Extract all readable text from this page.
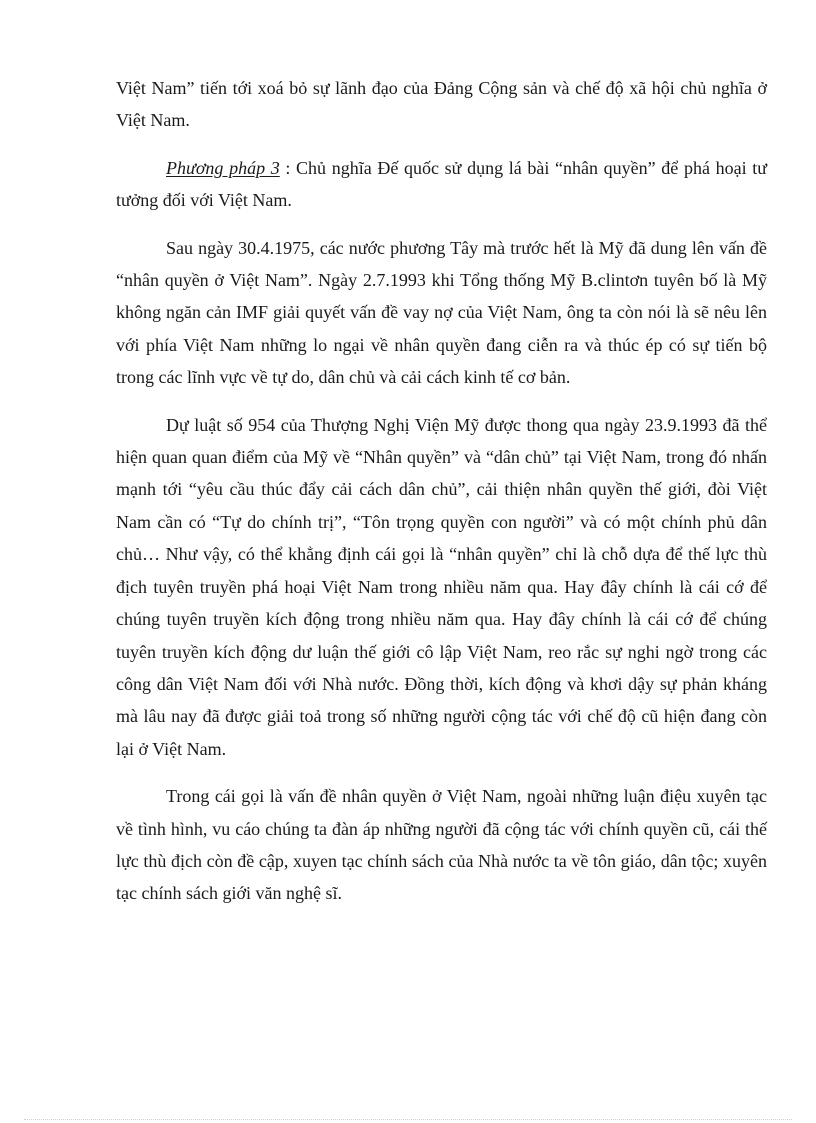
Việt Nam” tiến tới xoá bỏ sự lãnh đạo của Đảng Cộng sản và chế độ xã hội chủ nghĩa ở Việt Nam.

Phương pháp 3 : Chủ nghĩa Đế quốc sử dụng lá bài “nhân quyền” để phá hoại tư tưởng đối với Việt Nam.

Sau ngày 30.4.1975, các nước phương Tây mà trước hết là Mỹ đã dung lên vấn đề “nhân quyền ở Việt Nam”. Ngày 2.7.1993 khi Tổng thống Mỹ B.clintơn tuyên bố là Mỹ không ngăn cản IMF giải quyết vấn đề vay nợ của Việt Nam, ông ta còn nói là sẽ nêu lên với phía Việt Nam những lo ngại về nhân quyền đang ciễn ra và thúc ép có sự tiến bộ trong các lĩnh vực về tự do, dân chủ và cải cách kinh tế cơ bản.

Dự luật số 954 của Thượng Nghị Viện Mỹ được thong qua ngày 23.9.1993 đã thể hiện quan quan điểm của Mỹ về “Nhân quyền” và “dân chủ” tại Việt Nam, trong đó nhấn mạnh tới “yêu cầu thúc đẩy cải cách dân chủ”, cải thiện nhân quyền thế giới, đòi Việt Nam cần có “Tự do chính trị”, “Tôn trọng quyền con người” và có một chính phủ dân chủ… Như vậy, có thể khẳng định cái gọi là “nhân quyền” chỉ là chỗ dựa để thế lực thù địch tuyên truyền phá hoại Việt Nam trong nhiều năm qua. Hay đây chính là cái cớ để chúng tuyên truyền kích động trong nhiều năm qua. Hay đây chính là cái cớ để chúng tuyên truyền kích động dư luận thế giới cô lập Việt Nam, reo rắc sự nghi ngờ trong các công dân Việt Nam đối với Nhà nước. Đồng thời, kích động và khơi dậy sự phản kháng mà lâu nay đã được giải toả trong số những người cộng tác với chế độ cũ hiện đang còn lại ở Việt Nam.

Trong cái gọi là vấn đề nhân quyền ở Việt Nam, ngoài những luận điệu xuyên tạc về tình hình, vu cáo chúng ta đàn áp những người đã cộng tác với chính quyền cũ, cái thế lực thù địch còn đề cập, xuyen tạc chính sách của Nhà nước ta về tôn giáo, dân tộc; xuyên tạc chính sách giới văn nghệ sĩ.
